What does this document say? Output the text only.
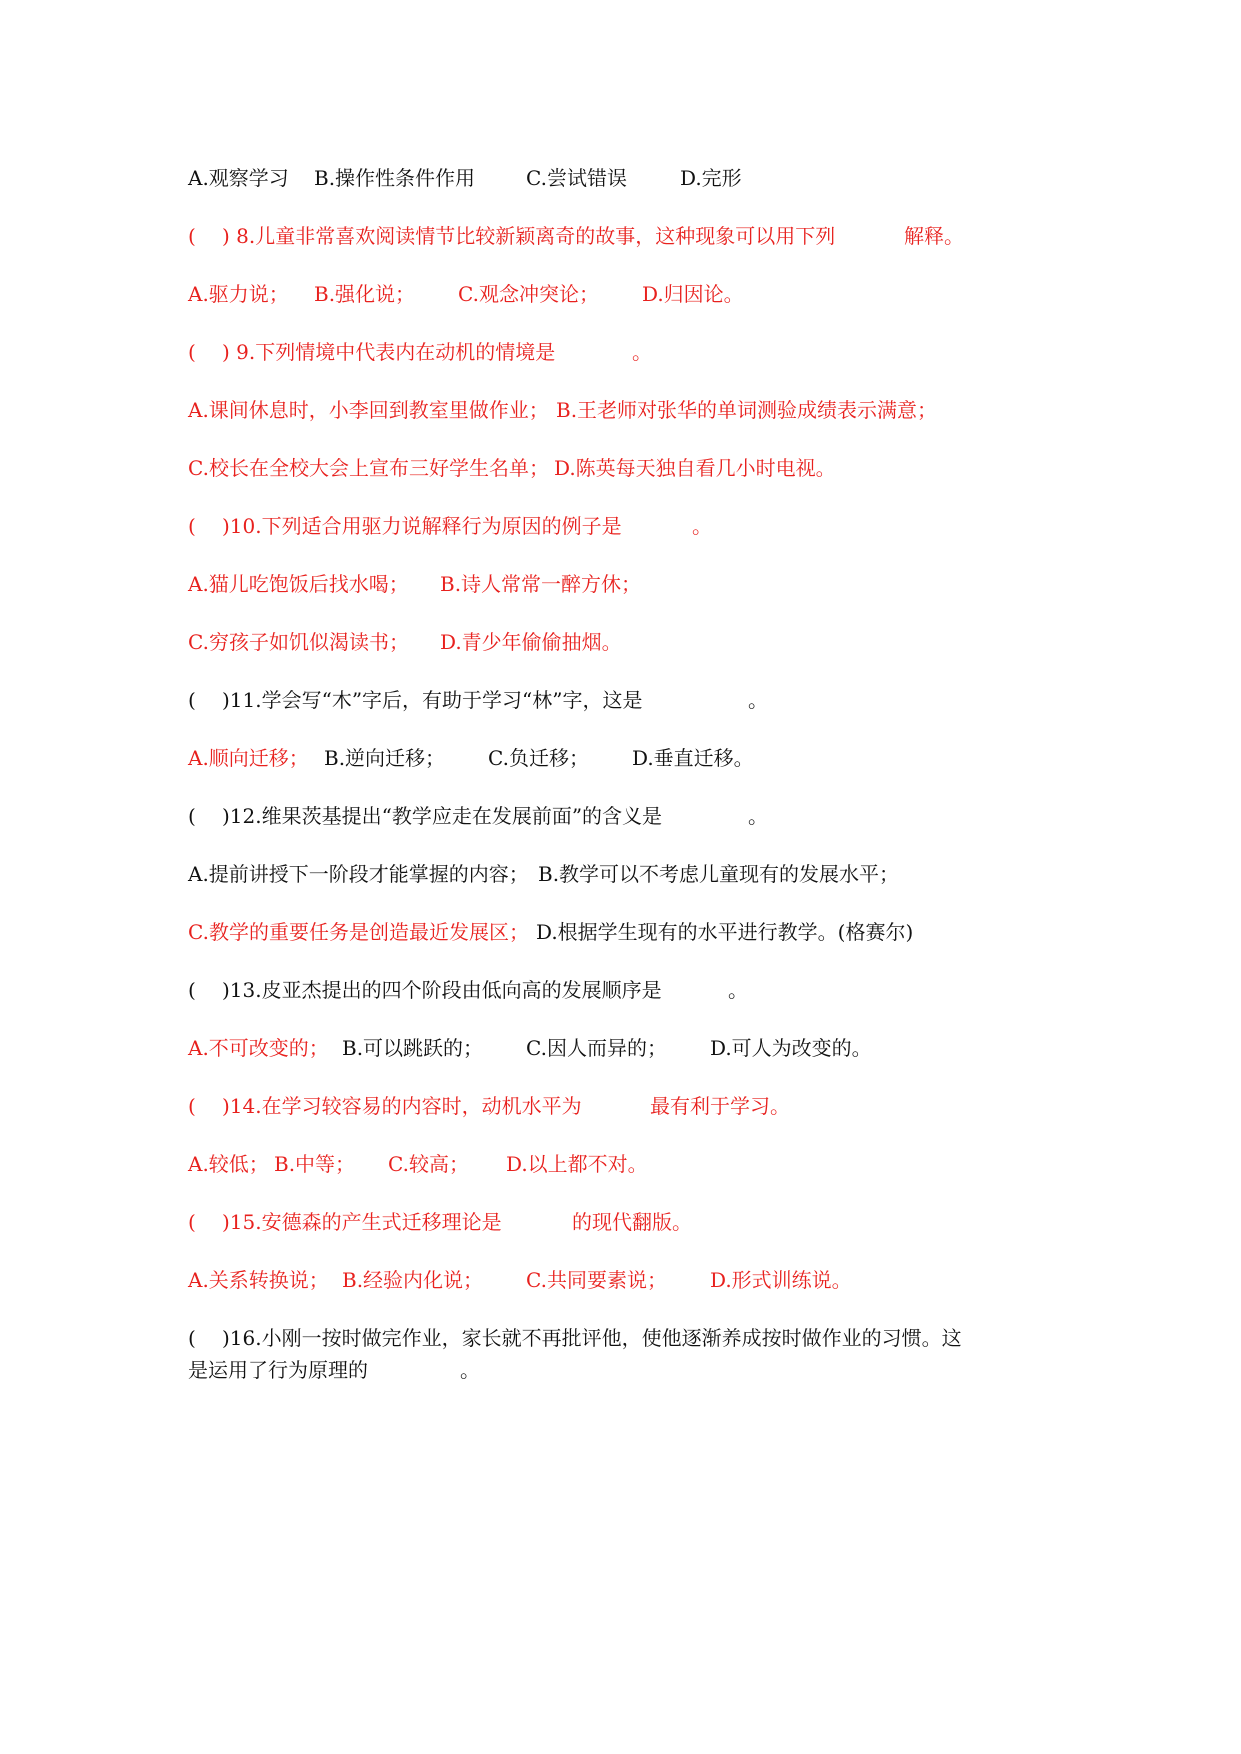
A.观察学习 B.操作性条件作用	C.尝试错误	D.完形
( ) 8.儿童非常喜欢阅读情节比较新颖离奇的故事，这种现象可以用下列	解释。
A.驱力说； B.强化说； C.观念冲突论； D.归因论。
( ) 9.下列情境中代表内在动机的情境是	。
A.课间休息时，小李回到教室里做作业； B.王老师对张华的单词测验成绩表示满意；
C.校长在全校大会上宣布三好学生名单； D.陈英每天独自看几小时电视。
( )10.下列适合用驱力说解释行为原因的例子是	。
A.猫儿吃饱饭后找水喝； B.诗人常常一醉方休；
C.穷孩子如饥似渴读书； D.青少年偷偷抽烟。
( )11.学会写“木”字后，有助于学习“林”字，这是	。
A.顺向迁移； B.逆向迁移； C.负迁移； D.垂直迁移。
( )12.维果茨基提出“教学应走在发展前面”的含义是	。
A.提前讲授下一阶段才能掌握的内容； B.教学可以不考虑儿童现有的发展水平；
C.教学的重要任务是创造最近发展区； D.根据学生现有的水平进行教学。(格赛尔)
( )13.皮亚杰提出的四个阶段由低向高的发展顺序是	。
A.不可改变的； B.可以跳跃的； C.因人而异的； D.可人为改变的。
( )14.在学习较容易的内容时，动机水平为	最有利于学习。
A.较低； B.中等； C.较高； D.以上都不对。
( )15.安德森的产生式迁移理论是	的现代翻版。
A.关系转换说； B.经验内化说； C.共同要素说； D.形式训练说。
( )16.小刚一按时做完作业，家长就不再批评他，使他逐渐养成按时做作业的习惯。这
是运用了行为原理的	。
